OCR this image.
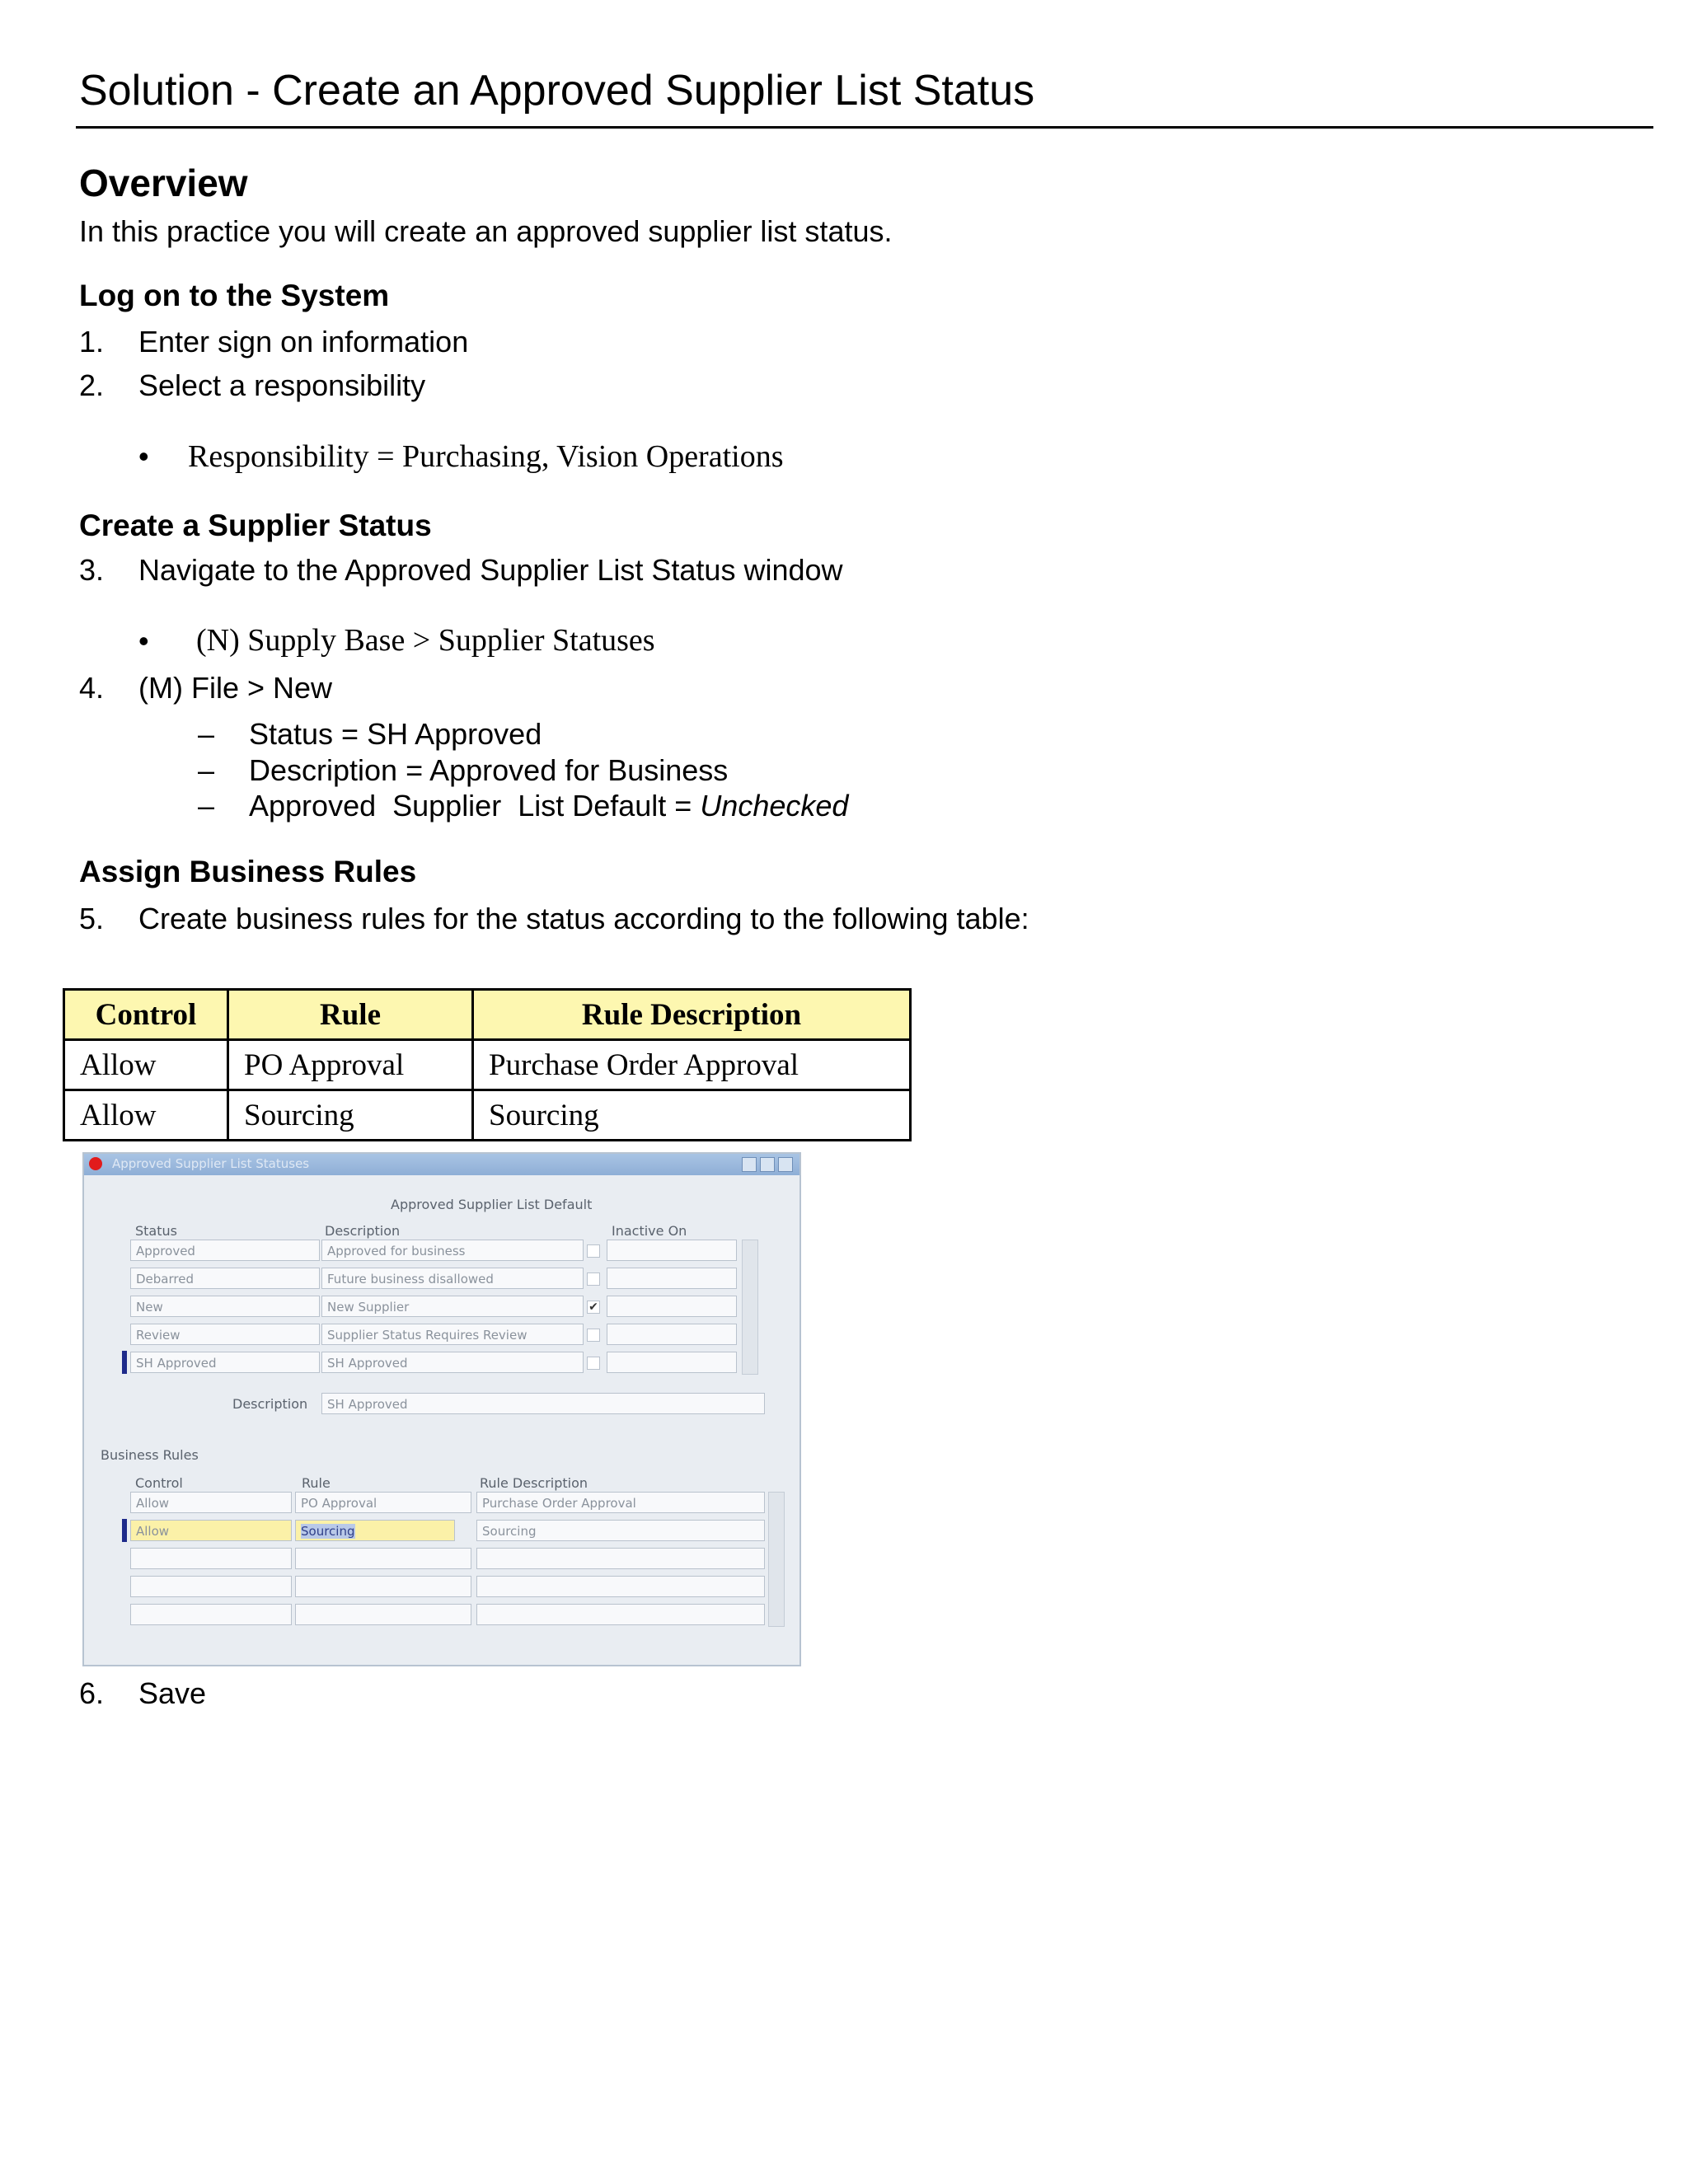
Solution - Create an Approved Supplier List Status
Overview
In this practice you will create an approved supplier list status.
Log on to the System
1. Enter sign on information
2. Select a responsibility
• Responsibility = Purchasing, Vision Operations
Create a Supplier Status
3. Navigate to the Approved Supplier List Status window
• (N) Supply Base > Supplier Statuses
4. (M) File > New
– Status = SH Approved
– Description = Approved for Business
– Approved  Supplier  List Default = Unchecked
Assign Business Rules
5. Create business rules for the status according to the following table:
Control	Rule	Rule Description
Allow	PO Approval	Purchase Order Approval
Allow	Sourcing	Sourcing
Approved Supplier List Statuses
Approved Supplier List Default
Status	Description	Inactive On
Approved	Approved for business
Debarred	Future business disallowed
New	New Supplier	✔
Review	Supplier Status Requires Review
SH Approved	SH Approved
Description	SH Approved
Business Rules
Control	Rule	Rule Description
Allow	PO Approval	Purchase Order Approval
Allow	Sourcing	Sourcing
6. Save
